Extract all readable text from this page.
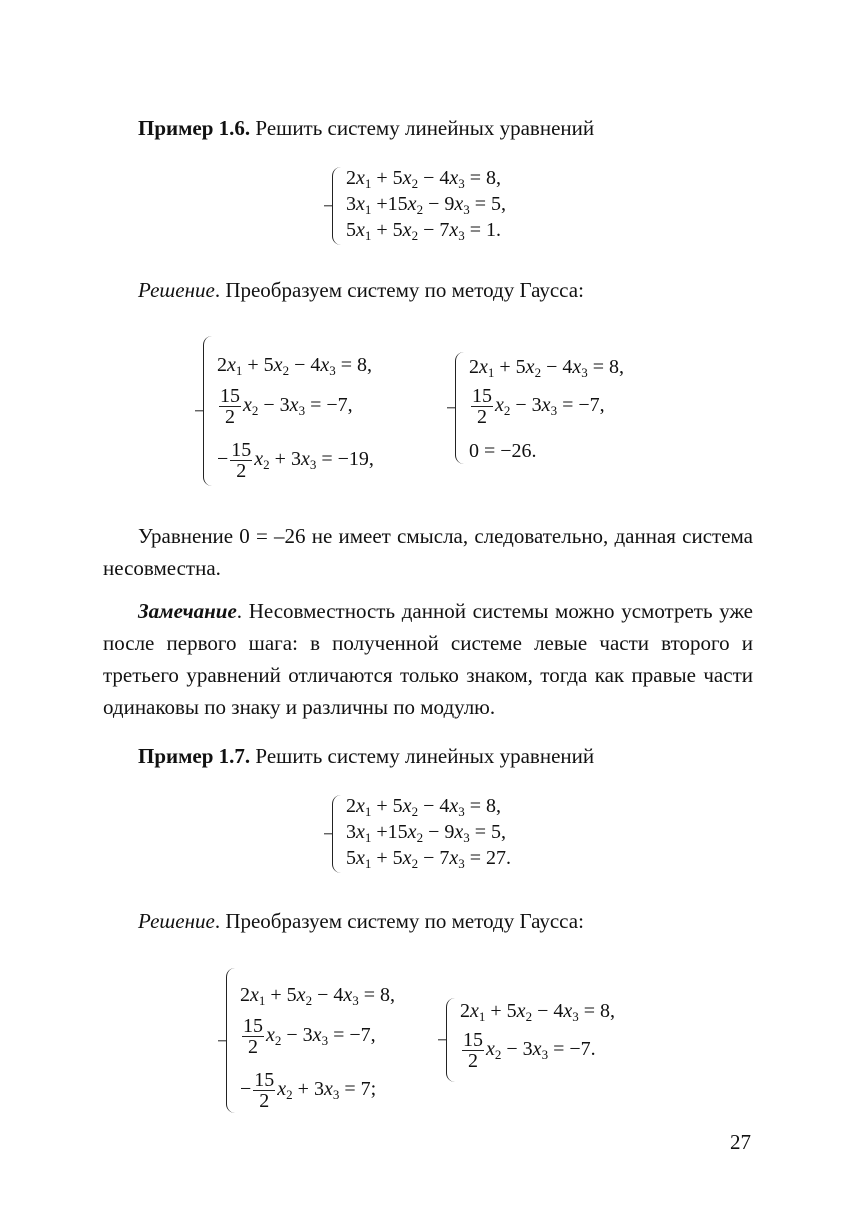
Пример 1.6. Решить систему линейных уравнений

$2x_1 + 5x_2 - 4x_3 = 8$,
$3x_1 +15x_2 - 9x_3 = 5$,
$5x_1 + 5x_2 - 7x_3 = 1$.

Решение. Преобразуем систему по методу Гаусса:

$2x_1 + 5x_2 - 4x_3 = 8$,
$\frac{15}{2} x_2 - 3x_3 = -7$,
− $\frac{15}{2} x_2 + 3x_3 = -19$,
$2x_1 + 5x_2 - 4x_3 = 8$,
$\frac{15}{2} x_2 - 3x_3 = -7$,
0 = −26.

Уравнение 0 = –26 не имеет смысла, следовательно, данная система несовместна.

Замечание. Несовместность данной системы можно усмотреть уже после первого шага: в полученной системе левые части второго и третьего уравнений отличаются только знаком, тогда как правые части одинаковы по знаку и различны по модулю.

Пример 1.7. Решить систему линейных уравнений

$2x_1 + 5x_2 - 4x_3 = 8$,
$3x_1 +15x_2 - 9x_3 = 5$,
$5x_1 + 5x_2 - 7x_3 = 27$.

Решение. Преобразуем систему по методу Гаусса:

$2x_1 + 5x_2 - 4x_3 = 8$,
$\frac{15}{2} x_2 - 3x_3 = -7$,
− $\frac{15}{2} x_2 + 3x_3 = 7$;
$2x_1 + 5x_2 - 4x_3 = 8$,
$\frac{15}{2} x_2 - 3x_3 = -7$.
27
